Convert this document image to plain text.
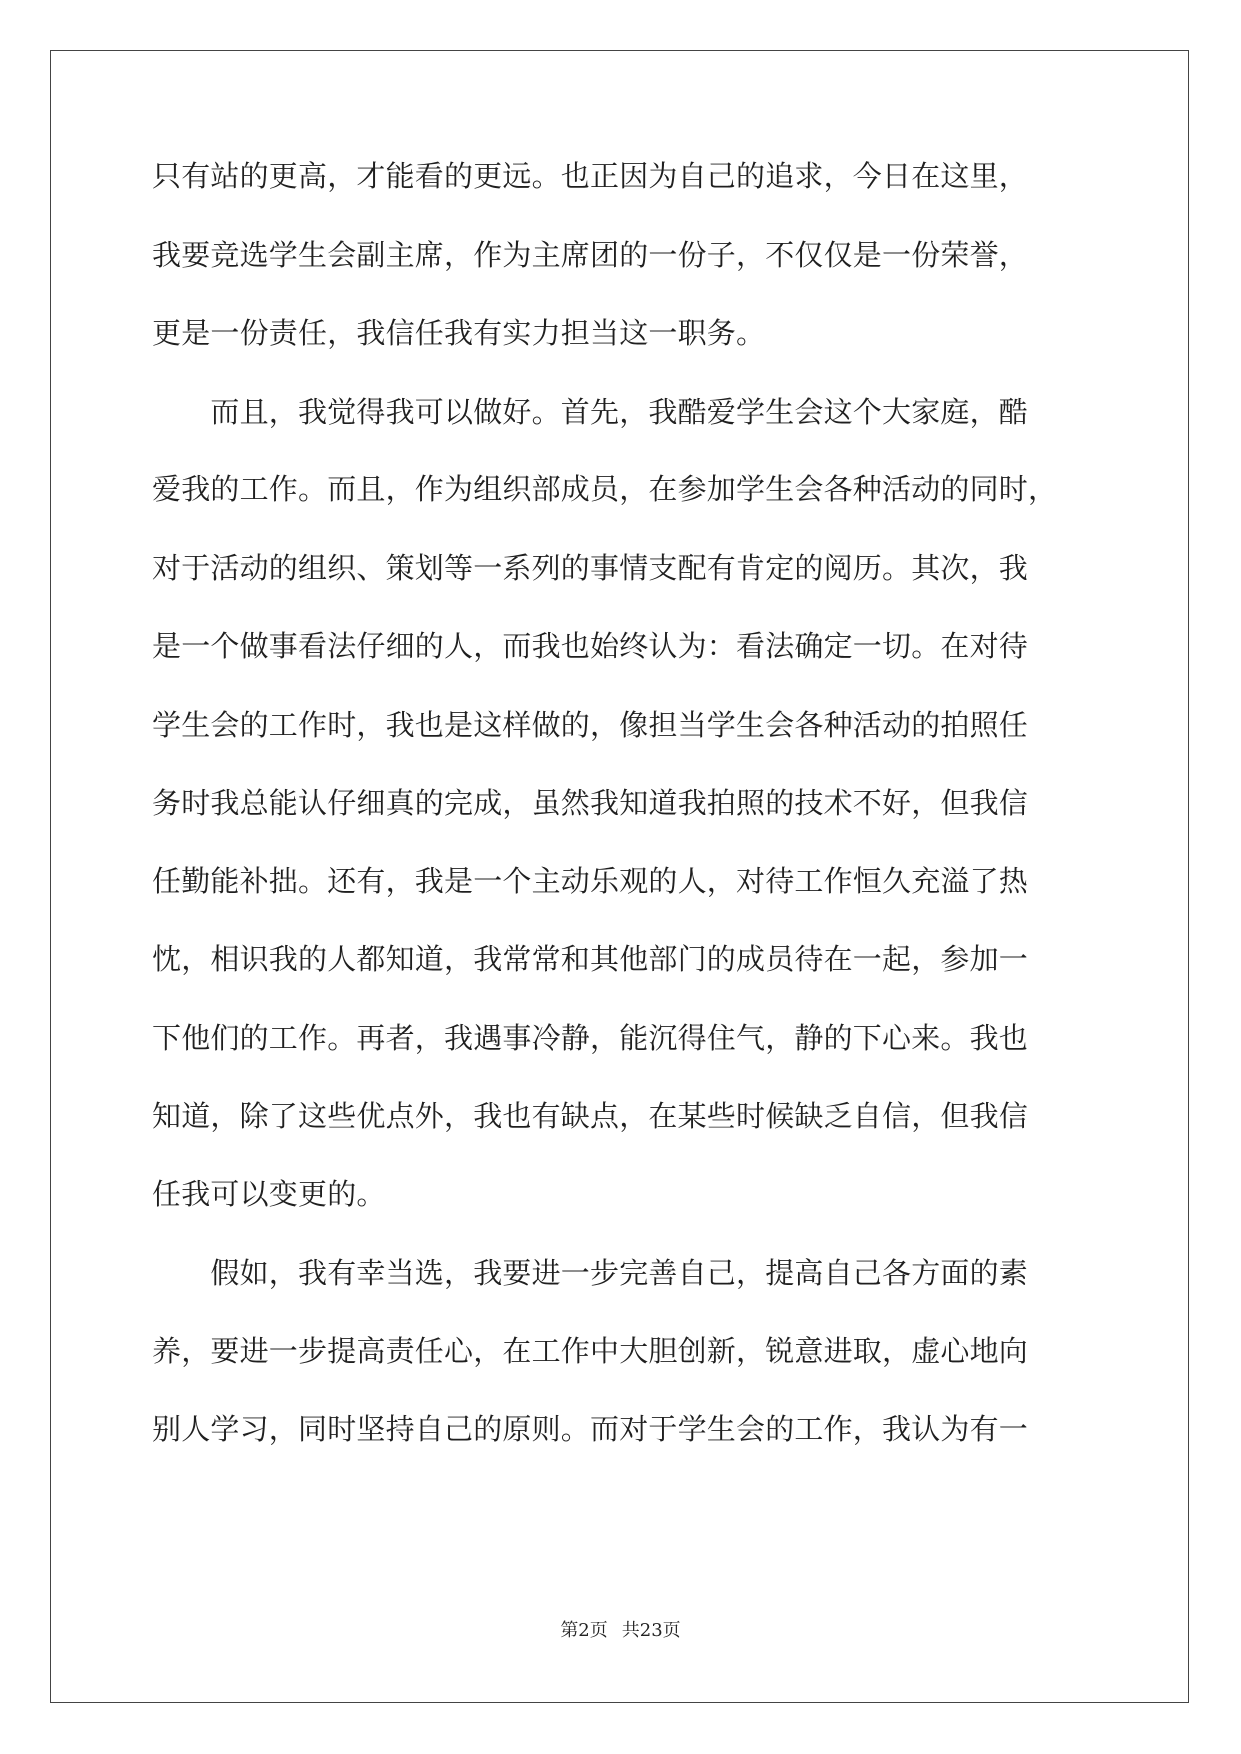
只有站的更高，才能看的更远。也正因为自己的追求，今日在这里，
我要竞选学生会副主席，作为主席团的一份子，不仅仅是一份荣誉，
更是一份责任，我信任我有实力担当这一职务。
　　而且，我觉得我可以做好。首先，我酷爱学生会这个大家庭，酷
爱我的工作。而且，作为组织部成员，在参加学生会各种活动的同时，
对于活动的组织、策划等一系列的事情支配有肯定的阅历。其次，我
是一个做事看法仔细的人，而我也始终认为：看法确定一切。在对待
学生会的工作时，我也是这样做的，像担当学生会各种活动的拍照任
务时我总能认仔细真的完成，虽然我知道我拍照的技术不好，但我信
任勤能补拙。还有，我是一个主动乐观的人，对待工作恒久充溢了热
忱，相识我的人都知道，我常常和其他部门的成员待在一起，参加一
下他们的工作。再者，我遇事冷静，能沉得住气，静的下心来。我也
知道，除了这些优点外，我也有缺点，在某些时候缺乏自信，但我信
任我可以变更的。
　　假如，我有幸当选，我要进一步完善自己，提高自己各方面的素
养，要进一步提高责任心，在工作中大胆创新，锐意进取，虚心地向
别人学习，同时坚持自己的原则。而对于学生会的工作，我认为有一
第2页 共23页
